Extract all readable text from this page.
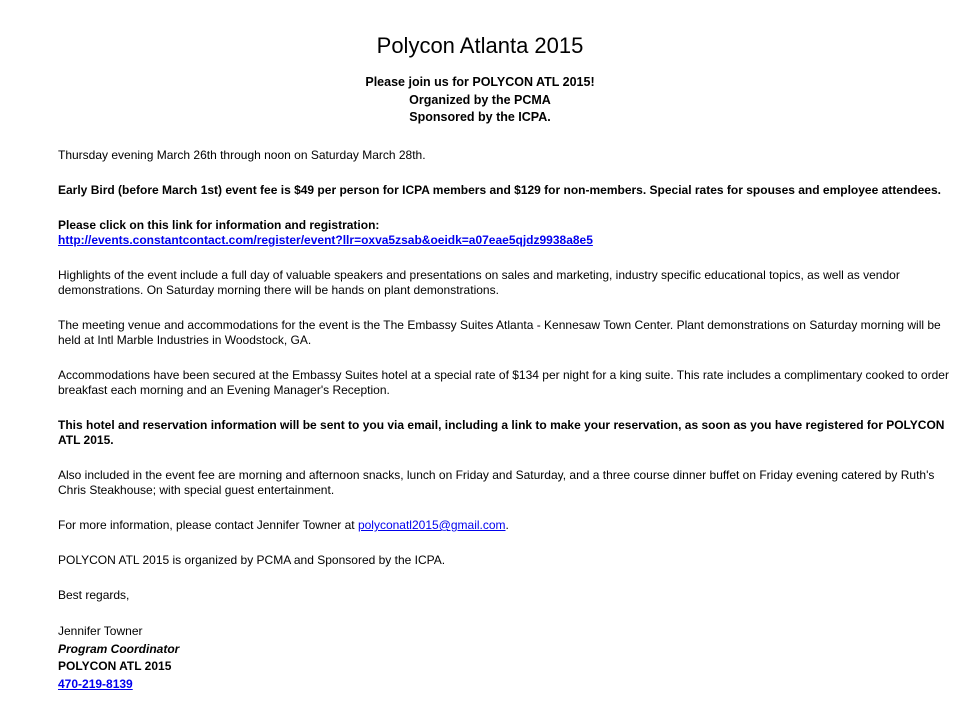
Polycon Atlanta 2015
Please join us for POLYCON ATL 2015!
Organized by the PCMA
Sponsored by the ICPA.

Thursday evening March 26th through noon on Saturday March 28th.

Early Bird (before March 1st) event fee is $49 per person for ICPA members and $129 for non-members. Special rates for spouses and employee attendees.

Please click on this link for information and registration:
http://events.constantcontact.com/register/event?llr=oxva5zsab&oeidk=a07eae5qjdz9938a8e5

Highlights of the event include a full day of valuable speakers and presentations on sales and marketing, industry specific educational topics, as well as vendor demonstrations. On Saturday morning there will be hands on plant demonstrations.

The meeting venue and accommodations for the event is the The Embassy Suites Atlanta - Kennesaw Town Center. Plant demonstrations on Saturday morning will be held at Intl Marble Industries in Woodstock, GA.

Accommodations have been secured at the Embassy Suites hotel at a special rate of $134 per night for a king suite. This rate includes a complimentary cooked to order breakfast each morning and an Evening Manager's Reception.

This hotel and reservation information will be sent to you via email, including a link to make your reservation, as soon as you have registered for POLYCON ATL 2015.

Also included in the event fee are morning and afternoon snacks, lunch on Friday and Saturday, and a three course dinner buffet on Friday evening catered by Ruth's Chris Steakhouse; with special guest entertainment.

For more information, please contact Jennifer Towner at polyconatl2015@gmail.com.

POLYCON ATL 2015 is organized by PCMA and Sponsored by the ICPA.

Best regards,

Jennifer Towner
Program Coordinator
POLYCON ATL 2015
470-219-8139
